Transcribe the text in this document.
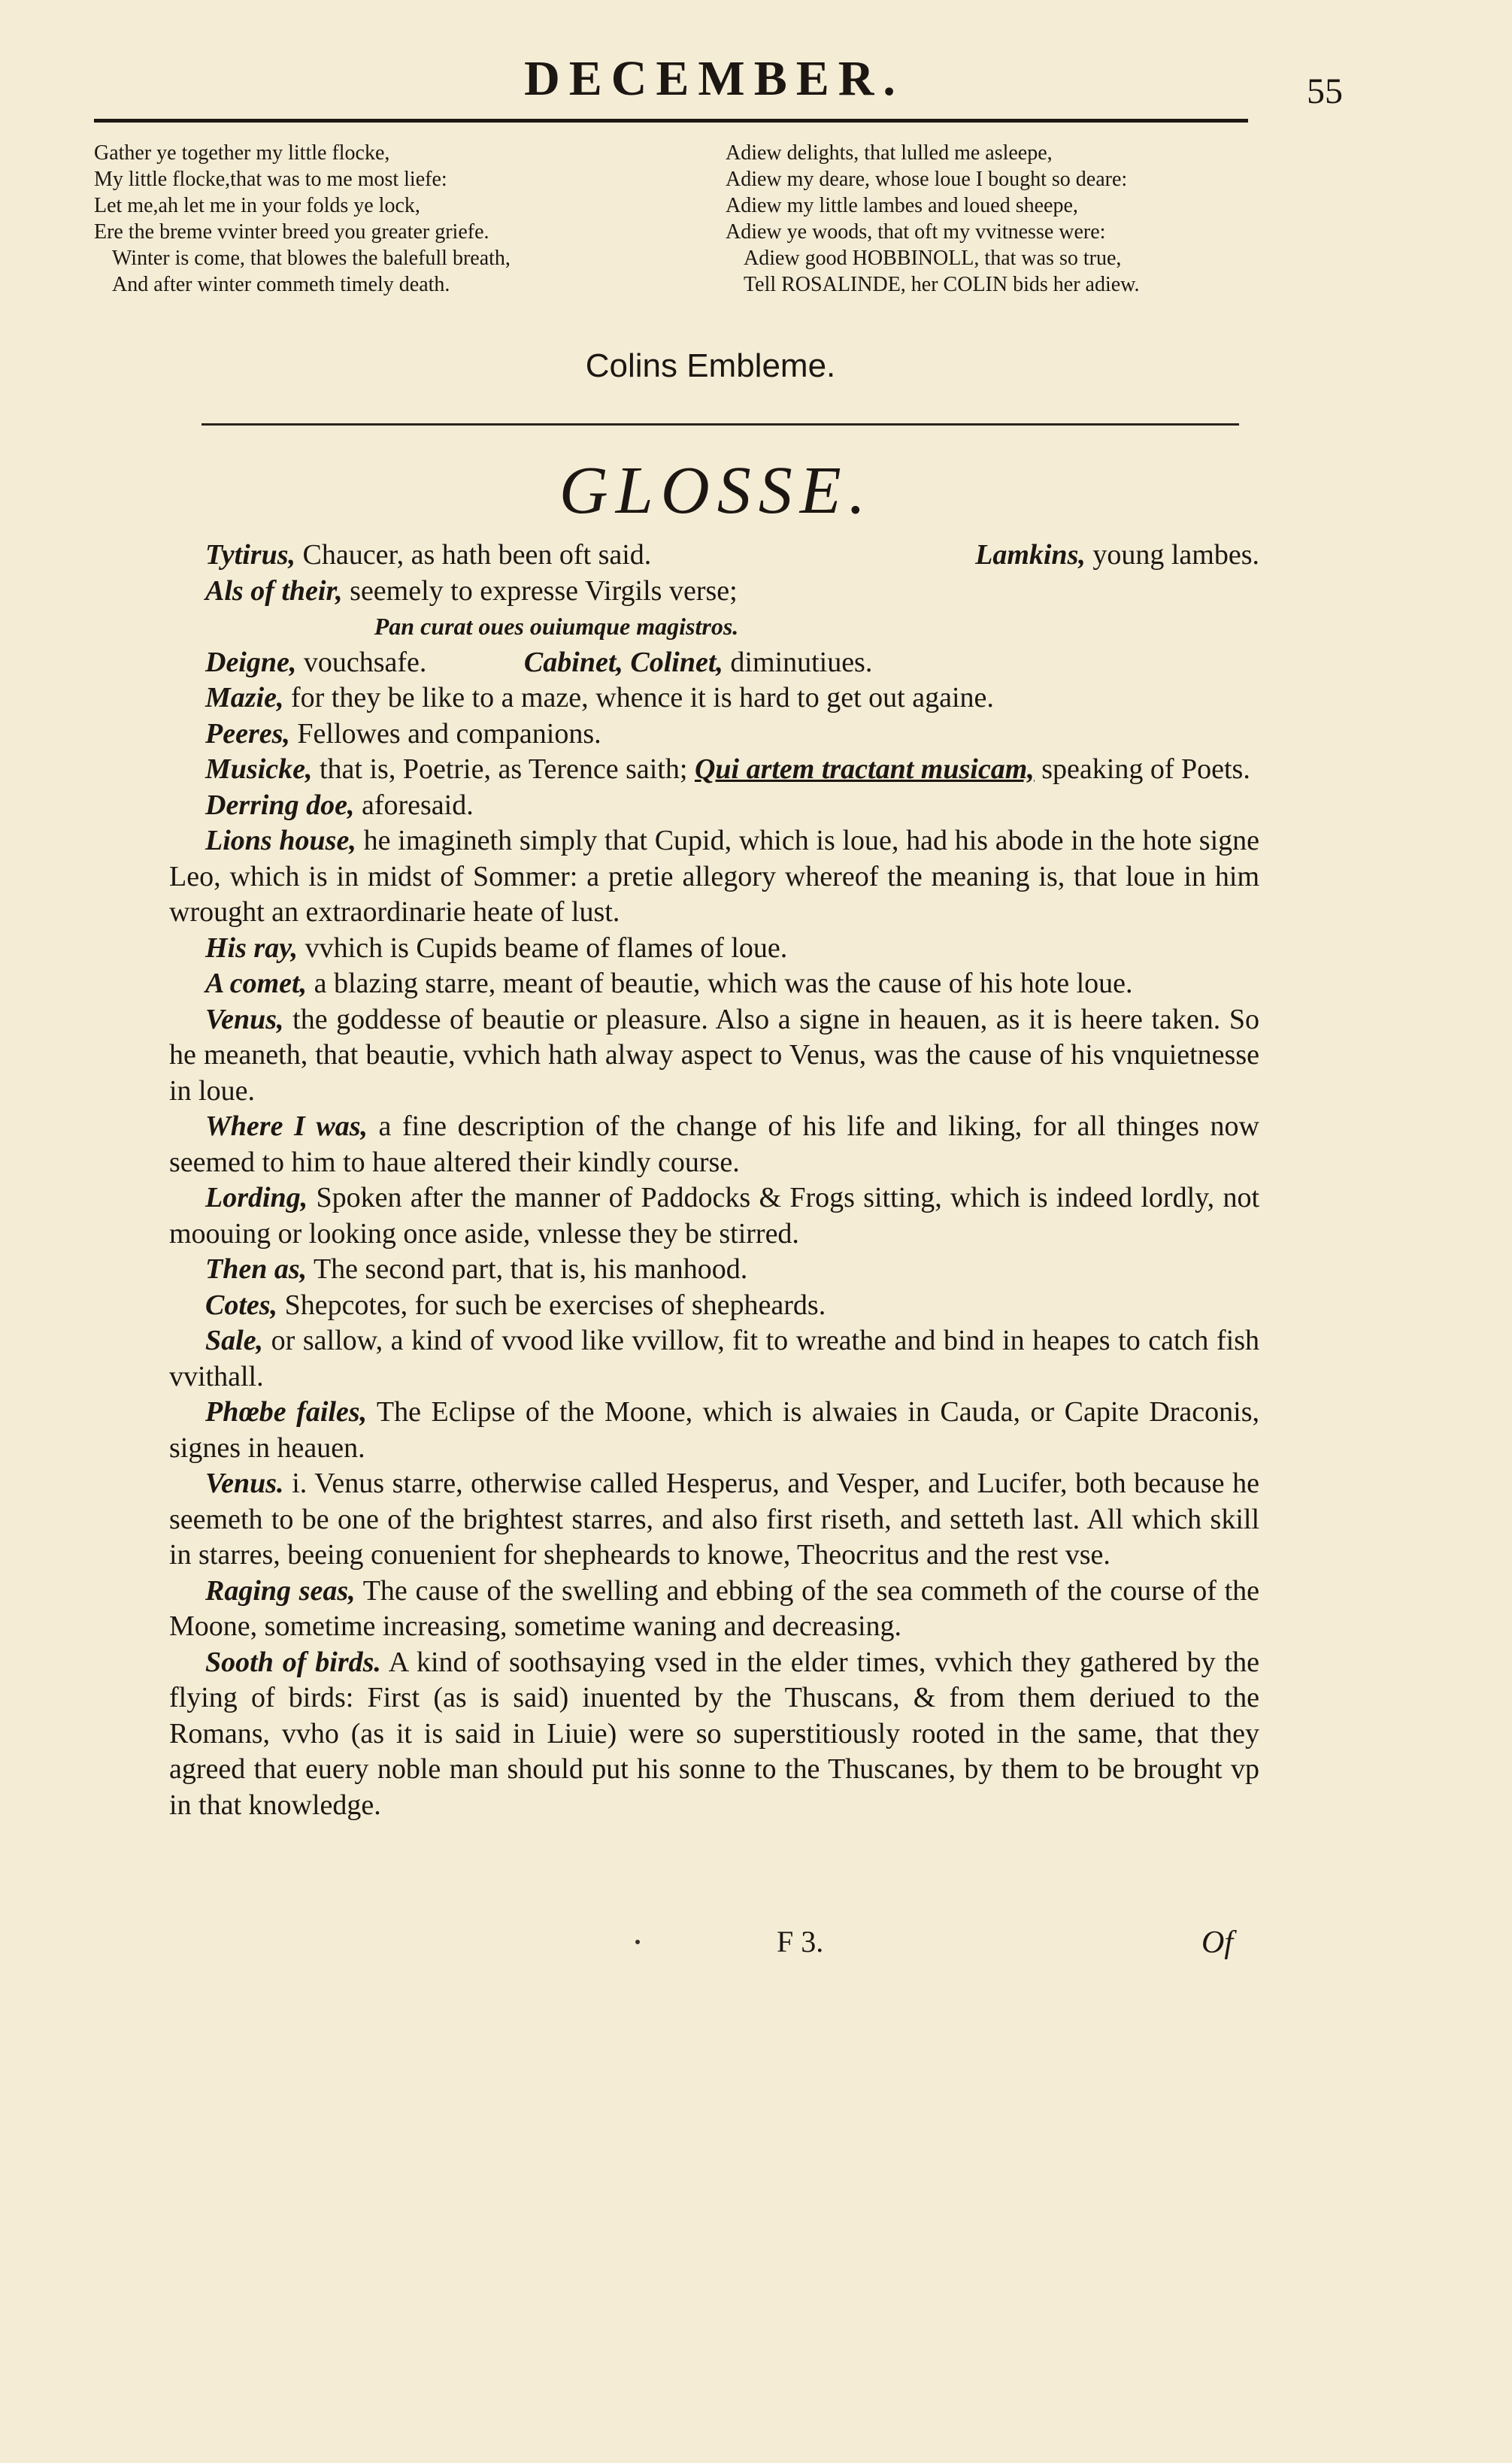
DECEMBER.	55
Gather ye together my little flocke,
My little flocke,that was to me most liefe:
Let me,ah let me in your folds ye lock,
Ere the breme vvinter breed you greater griefe.
Winter is come, that blowes the balefull breath,
And after winter commeth timely death.
Adiew delights, that lulled me asleepe,
Adiew my deare, whose loue I bought so deare:
Adiew my little lambes and loued sheepe,
Adiew ye woods, that oft my vvitnesse were:
Adiew good HOBBINOLL, that was so true,
Tell ROSALINDE, her COLIN bids her adiew.
Colins Embleme.
GLOSSE.
Tytirus, Chaucer, as hath been oft said.	Lamkins, young lambes.
Als of their, seemely to expresse Virgils verse;
Pan curat oues ouiumque magistros.
Deigne, vouchsafe.	Cabinet, Colinet, diminutiues.
Mazie, for they be like to a maze, whence it is hard to get out againe.
Peeres, Fellowes and companions.
Musicke, that is, Poetrie, as Terence saith; Qui artem tractant musicam, speaking of Poets.
Derring doe, aforesaid.
Lions house, he imagineth simply that Cupid, which is loue, had his abode in the hote signe Leo, which is in midst of Sommer: a pretie allegory whereof the meaning is, that loue in him wrought an extraordinarie heate of lust.
His ray, vvhich is Cupids beame of flames of loue.
A comet, a blazing starre, meant of beautie, which was the cause of his hote loue.
Venus, the goddesse of beautie or pleasure. Also a signe in heauen, as it is heere taken. So he meaneth, that beautie, vvhich hath alway aspect to Venus, was the cause of his vnquietnesse in loue.
Where I was, a fine description of the change of his life and liking, for all thinges now seemed to him to haue altered their kindly course.
Lording, Spoken after the manner of Paddocks & Frogs sitting, which is indeed lordly, not moouing or looking once aside, vnlesse they be stirred.
Then as, The second part, that is, his manhood.
Cotes, Shepcotes, for such be exercises of shepheards.
Sale, or sallow, a kind of vvood like vvillow, fit to wreathe and bind in heapes to catch fish vvithall.
Phœbe failes, The Eclipse of the Moone, which is alwaies in Cauda, or Capite Draconis, signes in heauen.
Venus. i. Venus starre, otherwise called Hesperus, and Vesper, and Lucifer, both because he seemeth to be one of the brightest starres, and also first riseth, and setteth last. All which skill in starres, beeing conuenient for shepheards to knowe, Theocritus and the rest vse.
Raging seas, The cause of the swelling and ebbing of the sea commeth of the course of the Moone, sometime increasing, sometime waning and decreasing.
Sooth of birds. A kind of soothsaying vsed in the elder times, vvhich they gathered by the flying of birds: First (as is said) inuented by the Thuscans, & from them deriued to the Romans, vvho (as it is said in Liuie) were so superstitiously rooted in the same, that they agreed that euery noble man should put his sonne to the Thuscanes, by them to be brought vp in that knowledge.
F 3.	Of
